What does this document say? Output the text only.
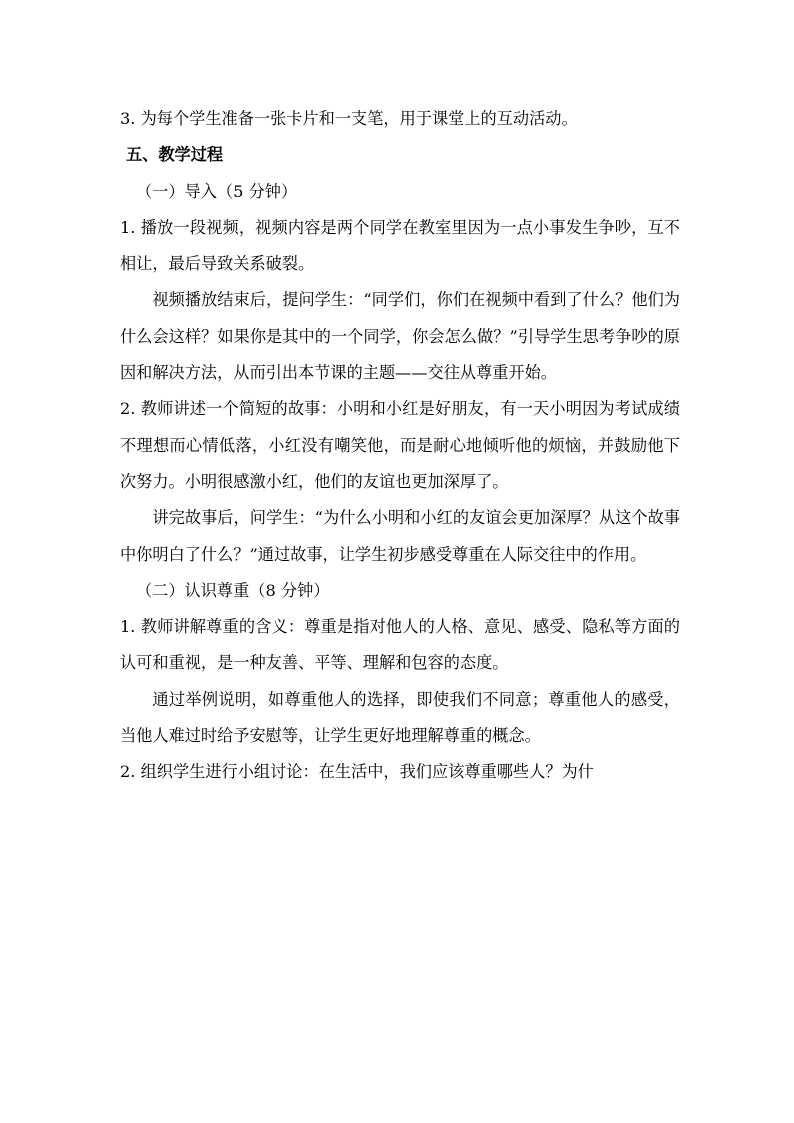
3. 为每个学生准备一张卡片和一支笔，用于课堂上的互动活动。

五、教学过程

（一）导入（5 分钟）

1. 播放一段视频，视频内容是两个同学在教室里因为一点小事发生争吵，互不相让，最后导致关系破裂。

视频播放结束后，提问学生：“同学们，你们在视频中看到了什么？他们为什么会这样？如果你是其中的一个同学，你会怎么做？”引导学生思考争吵的原因和解决方法，从而引出本节课的主题——交往从尊重开始。

2. 教师讲述一个简短的故事：小明和小红是好朋友，有一天小明因为考试成绩不理想而心情低落，小红没有嘲笑他，而是耐心地倾听他的烦恼，并鼓励他下次努力。小明很感激小红，他们的友谊也更加深厚了。

讲完故事后，问学生：“为什么小明和小红的友谊会更加深厚？从这个故事中你明白了什么？”通过故事，让学生初步感受尊重在人际交往中的作用。

（二）认识尊重（8 分钟）

1. 教师讲解尊重的含义：尊重是指对他人的人格、意见、感受、隐私等方面的认可和重视，是一种友善、平等、理解和包容的态度。

通过举例说明，如尊重他人的选择，即使我们不同意；尊重他人的感受，当他人难过时给予安慰等，让学生更好地理解尊重的概念。

2. 组织学生进行小组讨论：在生活中，我们应该尊重哪些人？为什
